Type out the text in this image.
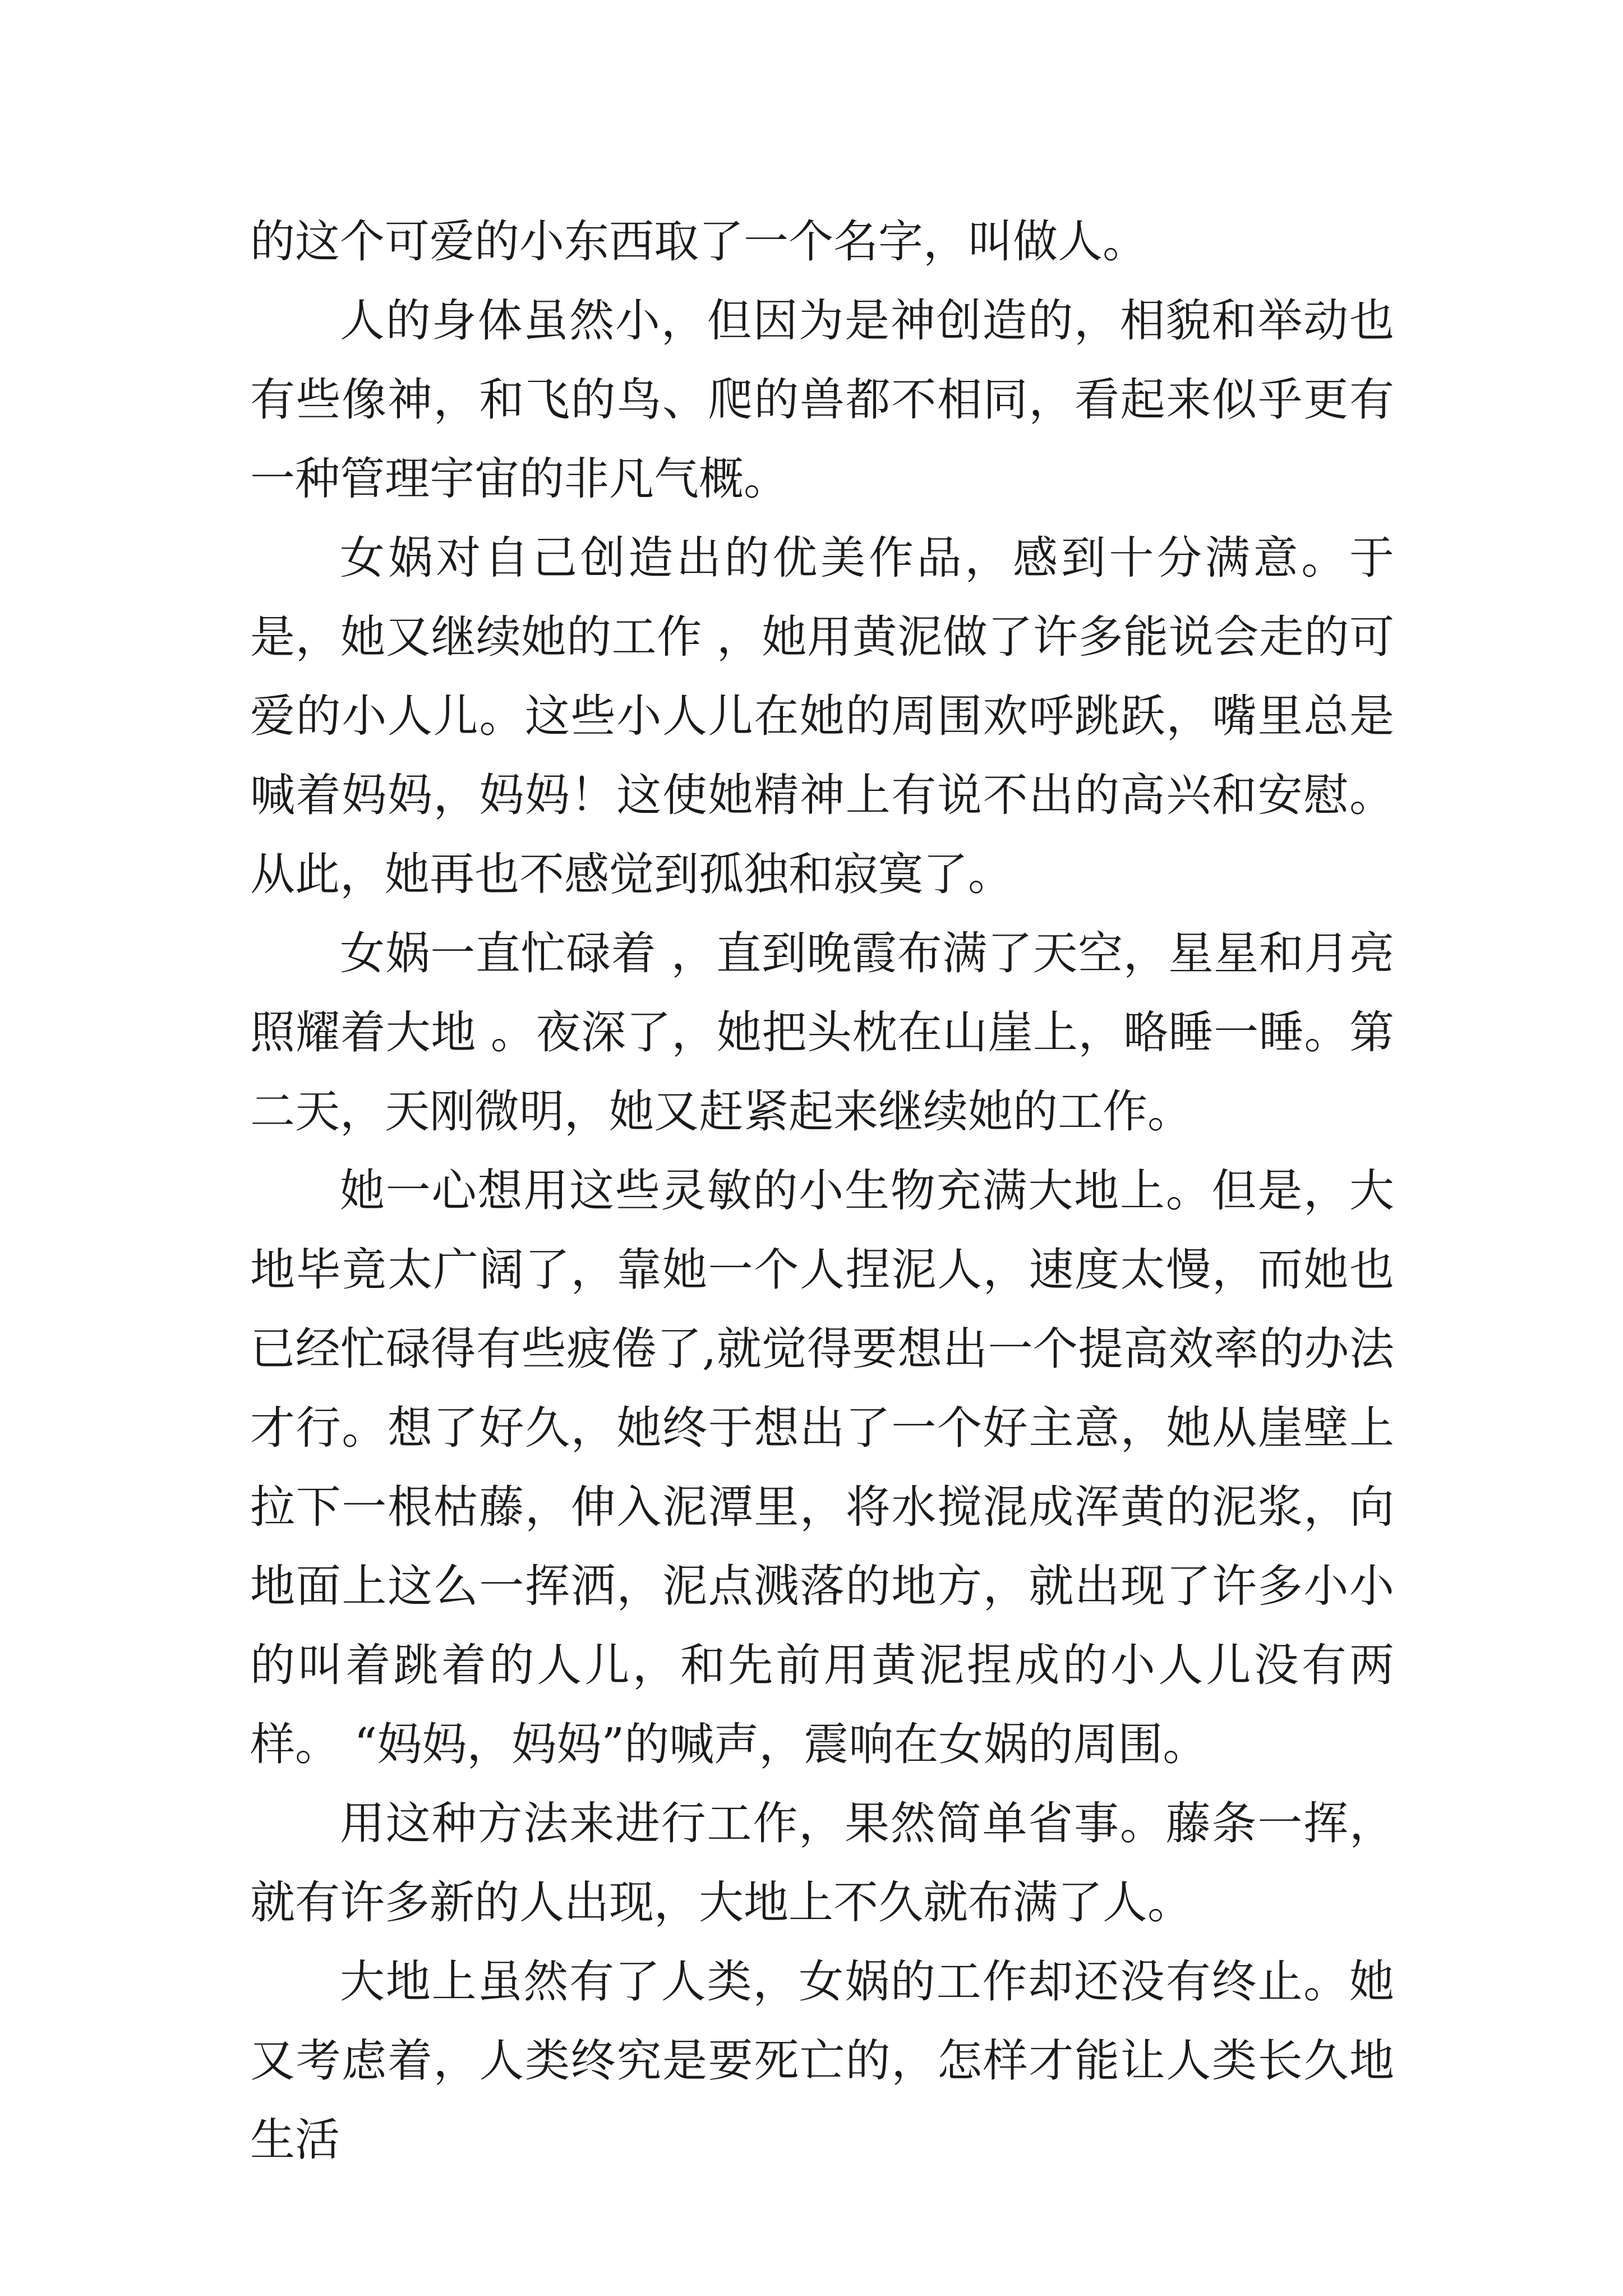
的这个可爱的小东西取了一个名字，叫做人。

人的身体虽然小，但因为是神创造的，相貌和举动也有些像神，和飞的鸟、爬的兽都不相同，看起来似乎更有一种管理宇宙的非凡气概。

女娲对自己创造出的优美作品，感到十分满意。于是，她又继续她的工作 ，她用黄泥做了许多能说会走的可爱的小人儿。这些小人儿在她的周围欢呼跳跃，嘴里总是喊着妈妈，妈妈！这使她精神上有说不出的高兴和安慰。从此，她再也不感觉到孤独和寂寞了。

女娲一直忙碌着 ，直到晚霞布满了天空，星星和月亮照耀着大地 。夜深了，她把头枕在山崖上，略睡一睡。第二天，天刚微明，她又赶紧起来继续她的工作。

她一心想用这些灵敏的小生物充满大地上。但是，大地毕竟太广阔了，靠她一个人捏泥人，速度太慢，而她也已经忙碌得有些疲倦了,就觉得要想出一个提高效率的办法才行。想了好久，她终于想出了一个好主意，她从崖壁上拉下一根枯藤，伸入泥潭里，将水搅混成浑黄的泥浆，向地面上这么一挥洒，泥点溅落的地方，就出现了许多小小的叫着跳着的人儿，和先前用黄泥捏成的小人儿没有两样。 “妈妈，妈妈”的喊声，震响在女娲的周围。

用这种方法来进行工作，果然简单省事。藤条一挥，就有许多新的人出现，大地上不久就布满了人。

大地上虽然有了人类，女娲的工作却还没有终止。她又考虑着，人类终究是要死亡的，怎样才能让人类长久地生活
